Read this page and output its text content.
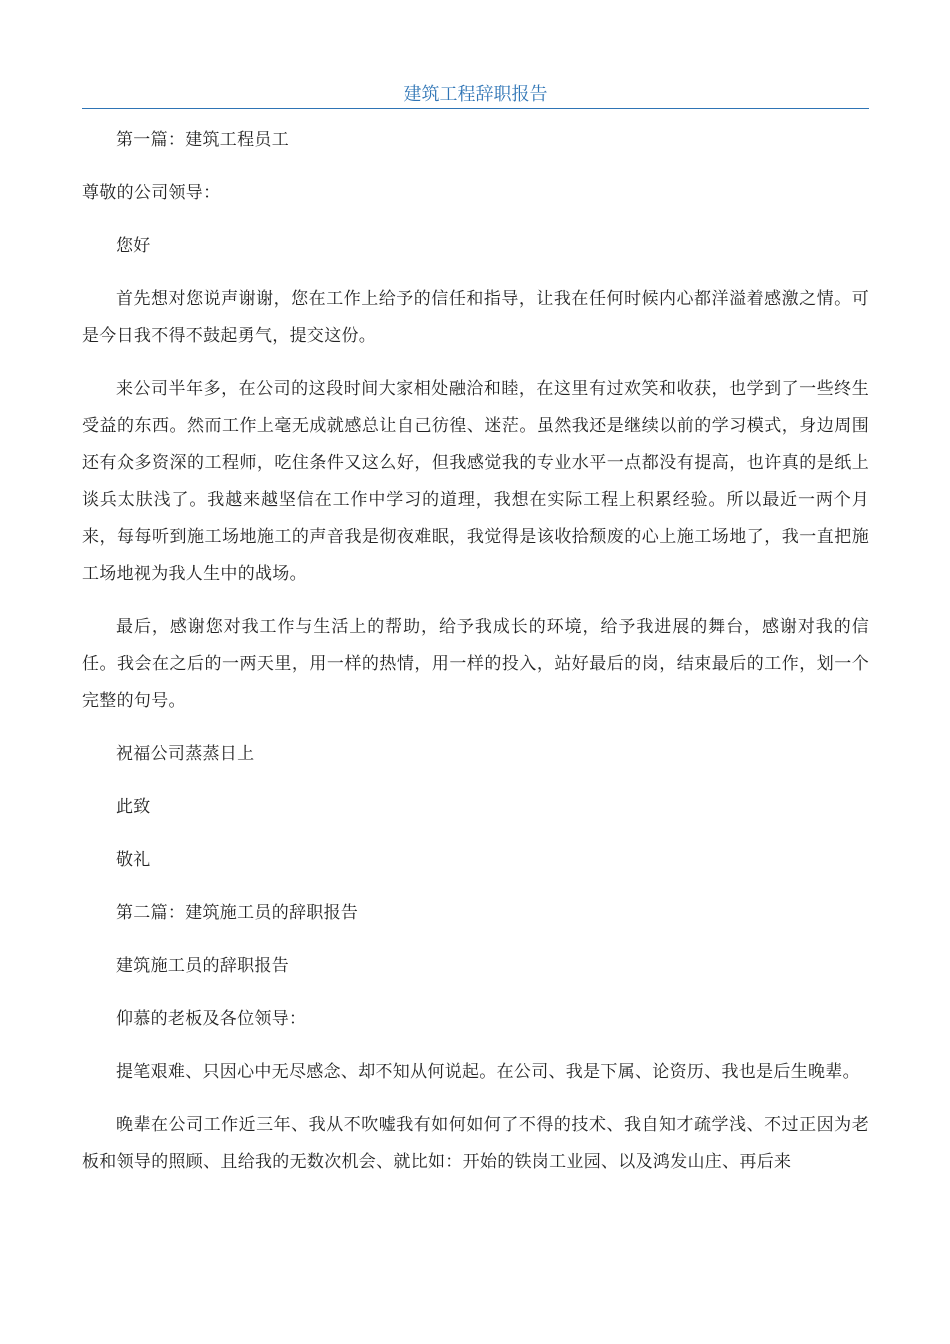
建筑工程辞职报告

第一篇：建筑工程员工

尊敬的公司领导：

您好

首先想对您说声谢谢，您在工作上给予的信任和指导，让我在任何时候内心都洋溢着感激之情。可是今日我不得不鼓起勇气，提交这份。

来公司半年多，在公司的这段时间大家相处融洽和睦，在这里有过欢笑和收获，也学到了一些终生受益的东西。然而工作上毫无成就感总让自己彷徨、迷茫。虽然我还是继续以前的学习模式，身边周围还有众多资深的工程师，吃住条件又这么好，但我感觉我的专业水平一点都没有提高，也许真的是纸上谈兵太肤浅了。我越来越坚信在工作中学习的道理，我想在实际工程上积累经验。所以最近一两个月来，每每听到施工场地施工的声音我是彻夜难眠，我觉得是该收拾颓废的心上施工场地了，我一直把施工场地视为我人生中的战场。

最后，感谢您对我工作与生活上的帮助，给予我成长的环境，给予我进展的舞台，感谢对我的信任。我会在之后的一两天里，用一样的热情，用一样的投入，站好最后的岗，结束最后的工作，划一个完整的句号。

祝福公司蒸蒸日上

此致

敬礼

第二篇：建筑施工员的辞职报告

建筑施工员的辞职报告

仰慕的老板及各位领导：

提笔艰难、只因心中无尽感念、却不知从何说起。在公司、我是下属、论资历、我也是后生晚辈。

晚辈在公司工作近三年、我从不吹嘘我有如何如何了不得的技术、我自知才疏学浅、不过正因为老板和领导的照顾、且给我的无数次机会、就比如：开始的铁岗工业园、以及鸿发山庄、再后来
